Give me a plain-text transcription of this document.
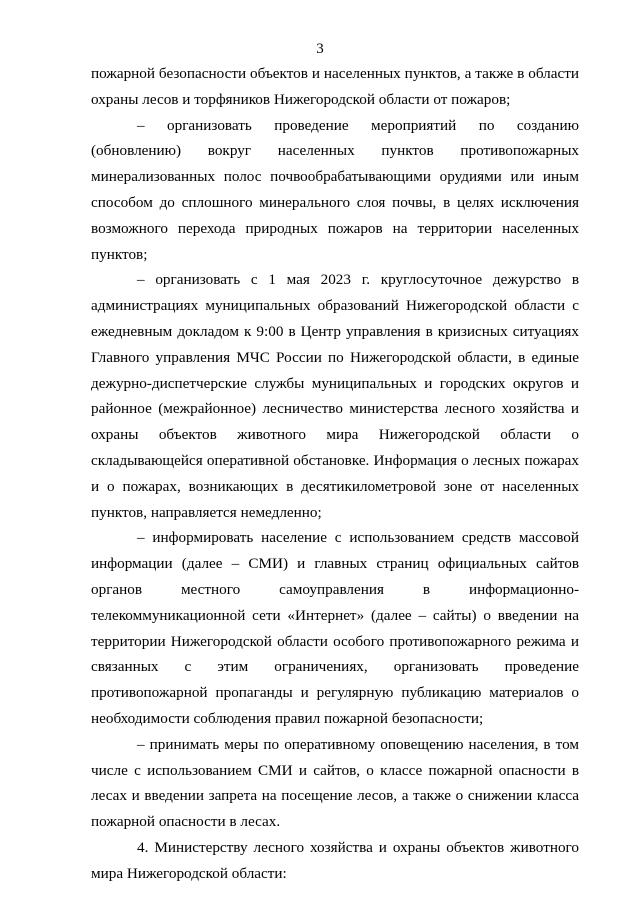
3

пожарной безопасности объектов и населенных пунктов, а также в области охраны лесов и торфяников Нижегородской области от пожаров;

– организовать проведение мероприятий по созданию (обновлению) вокруг населенных пунктов противопожарных минерализованных полос почвообрабатывающими орудиями или иным способом до сплошного минерального слоя почвы, в целях исключения возможного перехода природных пожаров на территории населенных пунктов;

– организовать с 1 мая 2023 г. круглосуточное дежурство в администрациях муниципальных образований Нижегородской области с ежедневным докладом к 9:00 в Центр управления в кризисных ситуациях Главного управления МЧС России по Нижегородской области, в единые дежурно-диспетчерские службы муниципальных и городских округов и районное (межрайонное) лесничество министерства лесного хозяйства и охраны объектов животного мира Нижегородской области о складывающейся оперативной обстановке. Информация о лесных пожарах и о пожарах, возникающих в десятикилометровой зоне от населенных пунктов, направляется немедленно;

– информировать население с использованием средств массовой информации (далее – СМИ) и главных страниц официальных сайтов органов местного самоуправления в информационно-телекоммуникационной сети «Интернет» (далее – сайты) о введении на территории Нижегородской области особого противопожарного режима и связанных с этим ограничениях, организовать проведение противопожарной пропаганды и регулярную публикацию материалов о необходимости соблюдения правил пожарной безопасности;

– принимать меры по оперативному оповещению населения, в том числе с использованием СМИ и сайтов, о классе пожарной опасности в лесах и введении запрета на посещение лесов, а также о снижении класса пожарной опасности в лесах.

4. Министерству лесного хозяйства и охраны объектов животного мира Нижегородской области:
